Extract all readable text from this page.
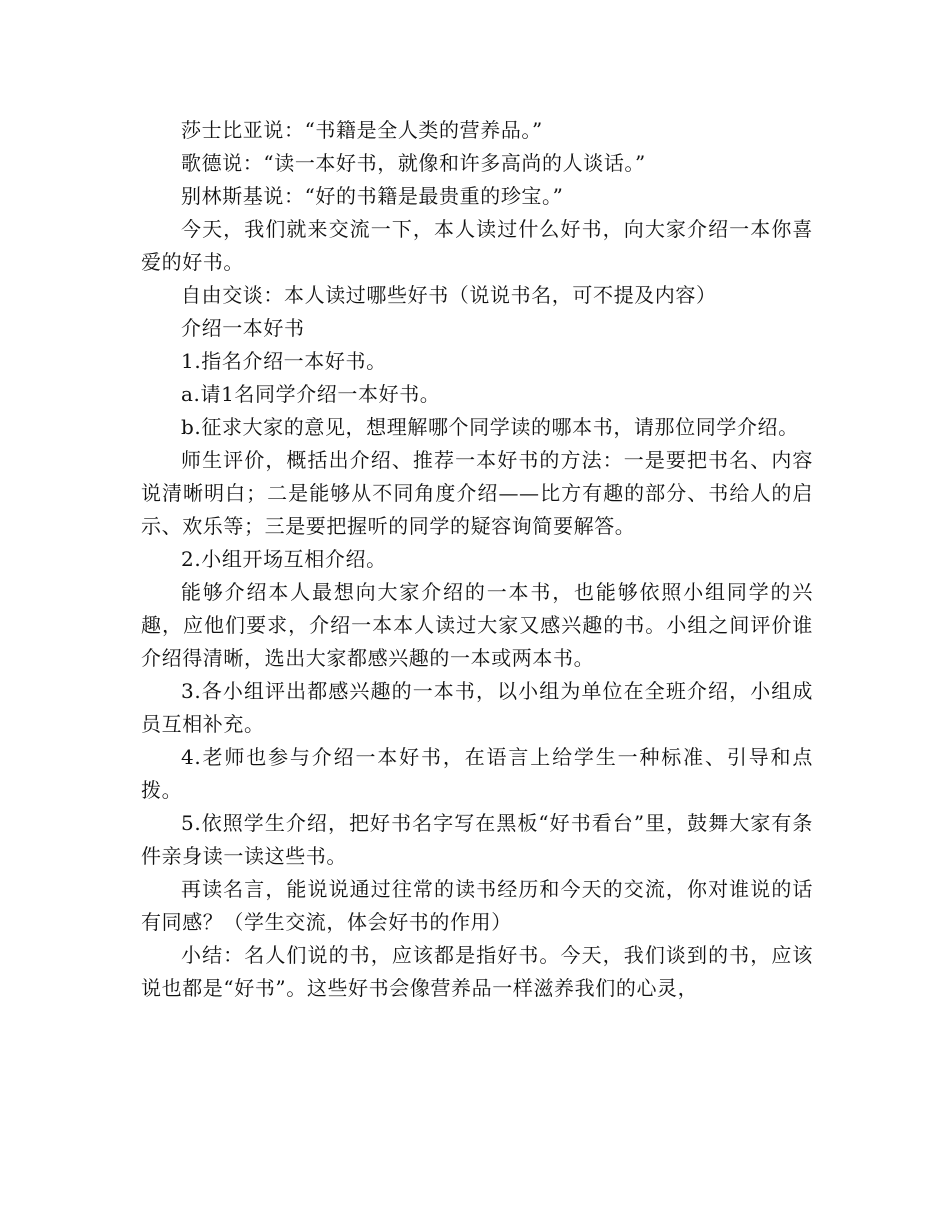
莎士比亚说：“书籍是全人类的营养品。”

歌德说：“读一本好书，就像和许多高尚的人谈话。”

别林斯基说：“好的书籍是最贵重的珍宝。”

今天，我们就来交流一下，本人读过什么好书，向大家介绍一本你喜爱的好书。

自由交谈：本人读过哪些好书（说说书名，可不提及内容）

介绍一本好书

1.指名介绍一本好书。

a.请1名同学介绍一本好书。

b.征求大家的意见，想理解哪个同学读的哪本书，请那位同学介绍。

师生评价，概括出介绍、推荐一本好书的方法：一是要把书名、内容说清晰明白；二是能够从不同角度介绍——比方有趣的部分、书给人的启示、欢乐等；三是要把握听的同学的疑容询简要解答。

2.小组开场互相介绍。

能够介绍本人最想向大家介绍的一本书，也能够依照小组同学的兴趣，应他们要求，介绍一本本人读过大家又感兴趣的书。小组之间评价谁介绍得清晰，选出大家都感兴趣的一本或两本书。

3.各小组评出都感兴趣的一本书，以小组为单位在全班介绍，小组成员互相补充。

4.老师也参与介绍一本好书，在语言上给学生一种标准、引导和点拨。

5.依照学生介绍，把好书名字写在黑板“好书看台”里，鼓舞大家有条件亲身读一读这些书。

再读名言，能说说通过往常的读书经历和今天的交流，你对谁说的话有同感？（学生交流，体会好书的作用）

小结：名人们说的书，应该都是指好书。今天，我们谈到的书，应该说也都是“好书”。这些好书会像营养品一样滋养我们的心灵，
